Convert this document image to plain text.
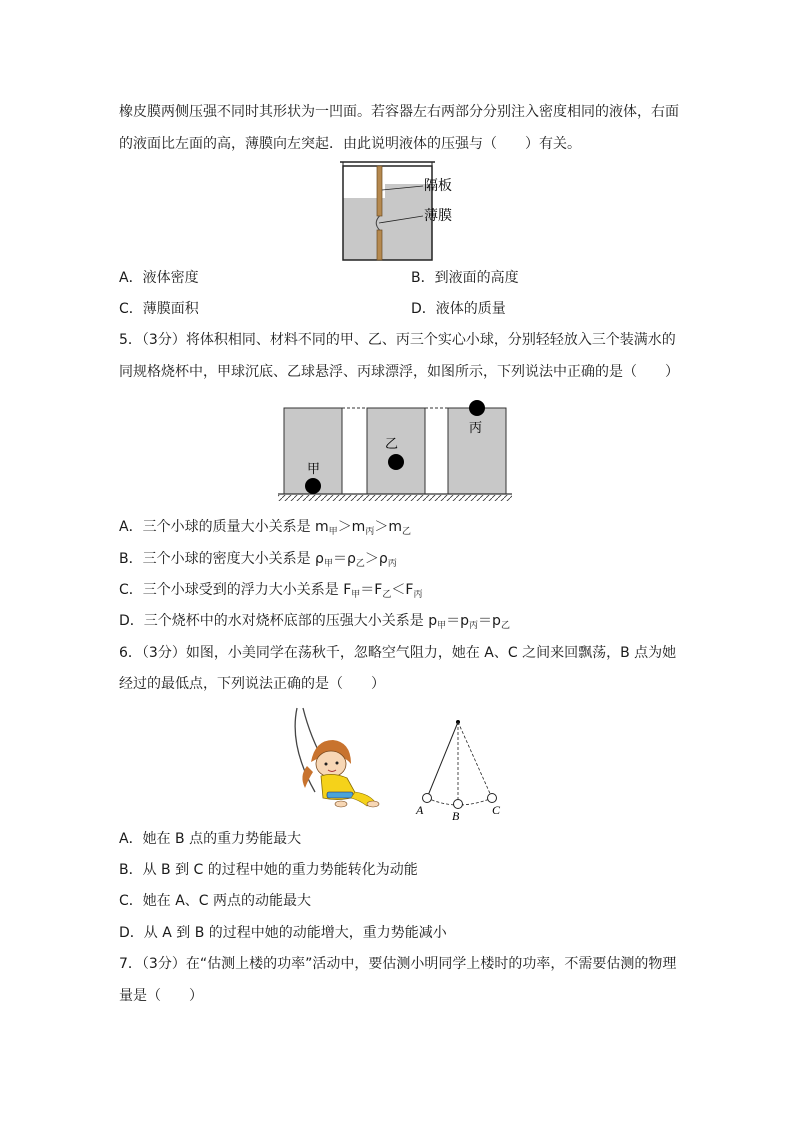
橡皮膜两侧压强不同时其形状为一凹面。若容器左右两部分分别注入密度相同的液体，右面
的液面比左面的高，薄膜向左突起．由此说明液体的压强与（　　）有关。
隔板
薄膜
A．液体密度	B．到液面的高度
C．薄膜面积	D．液体的质量
5．（3分）将体积相同、材料不同的甲、乙、丙三个实心小球，分别轻轻放入三个装满水的
同规格烧杯中，甲球沉底、乙球悬浮、丙球漂浮，如图所示，下列说法中正确的是（　　）
甲
乙
丙
A．三个小球的质量大小关系是 $m_甲>m_丙>m_乙$
B．三个小球的密度大小关系是 $\rho_甲=\rho_乙>\rho_丙$
C．三个小球受到的浮力大小关系是 $F_甲=F_乙<F_丙$
D．三个烧杯中的水对烧杯底部的压强大小关系是 $p_甲=p_丙=p_乙$
6．（3分）如图，小美同学在荡秋千，忽略空气阻力，她在 A、C 之间来回飘荡，B 点为她
经过的最低点，下列说法正确的是（　　）
A B	C
A．她在 B 点的重力势能最大
B．从 B 到 C 的过程中她的重力势能转化为动能
C．她在 A、C 两点的动能最大
D．从 A 到 B 的过程中她的动能增大，重力势能减小
7．（3分）在“估测上楼的功率”活动中，要估测小明同学上楼时的功率，不需要估测的物理
量是（　　）
